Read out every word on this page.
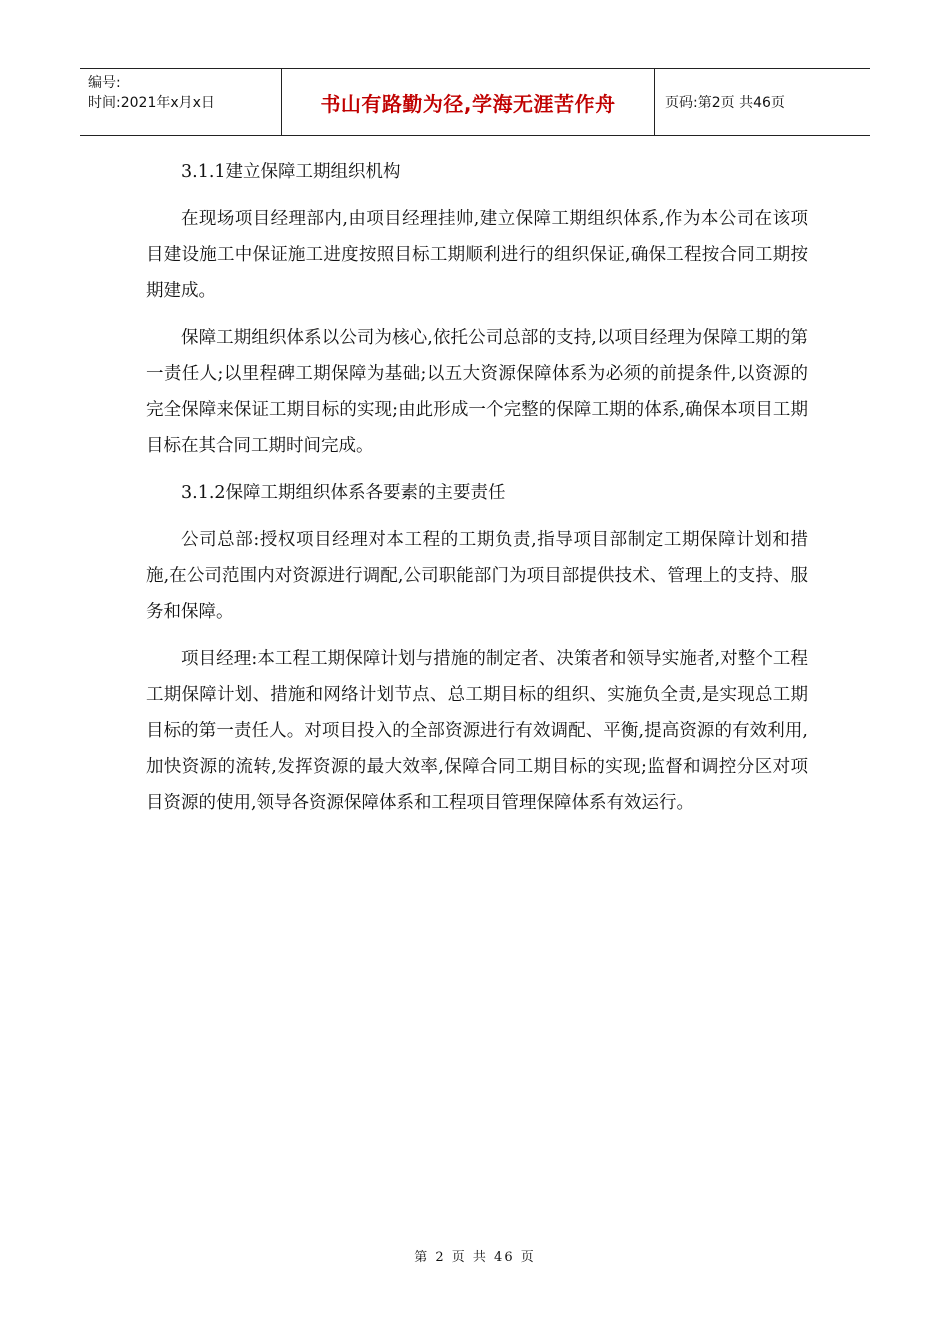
编号:
时间:2021年x月x日	书山有路勤为径,学海无涯苦作舟	页码:第2页 共46页

3.1.1建立保障工期组织机构

在现场项目经理部内,由项目经理挂帅,建立保障工期组织体系,作为本公司在该项目建设施工中保证施工进度按照目标工期顺利进行的组织保证,确保工程按合同工期按期建成。

保障工期组织体系以公司为核心,依托公司总部的支持,以项目经理为保障工期的第一责任人;以里程碑工期保障为基础;以五大资源保障体系为必须的前提条件,以资源的完全保障来保证工期目标的实现;由此形成一个完整的保障工期的体系,确保本项目工期目标在其合同工期时间完成。

3.1.2保障工期组织体系各要素的主要责任

公司总部:授权项目经理对本工程的工期负责,指导项目部制定工期保障计划和措施,在公司范围内对资源进行调配,公司职能部门为项目部提供技术、管理上的支持、服务和保障。

项目经理:本工程工期保障计划与措施的制定者、决策者和领导实施者,对整个工程工期保障计划、措施和网络计划节点、总工期目标的组织、实施负全责,是实现总工期目标的第一责任人。对项目投入的全部资源进行有效调配、平衡,提高资源的有效利用,加快资源的流转,发挥资源的最大效率,保障合同工期目标的实现;监督和调控分区对项目资源的使用,领导各资源保障体系和工程项目管理保障体系有效运行。

第 2 页 共 46 页
